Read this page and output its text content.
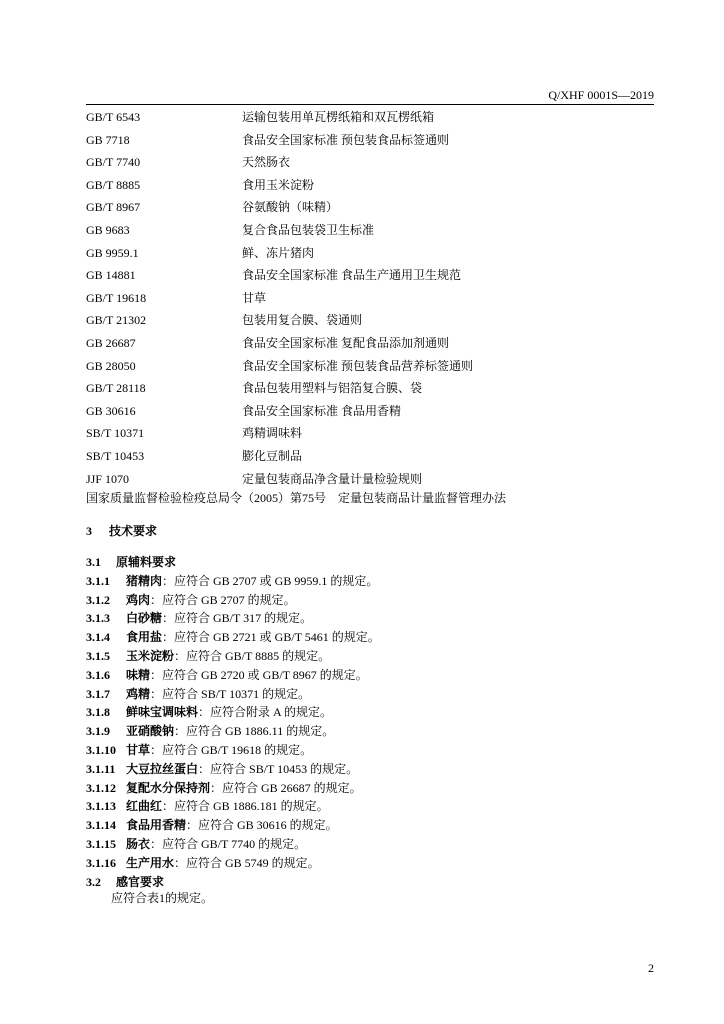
Q/XHF 0001S—2019
GB/T 6543	运输包装用单瓦楞纸箱和双瓦楞纸箱
GB 7718	食品安全国家标准 预包装食品标签通则
GB/T 7740	天然肠衣
GB/T 8885	食用玉米淀粉
GB/T 8967	谷氨酸钠（味精）
GB 9683	复合食品包装袋卫生标准
GB 9959.1	鲜、冻片猪肉
GB 14881	食品安全国家标准 食品生产通用卫生规范
GB/T 19618	甘草
GB/T 21302	包装用复合膜、袋通则
GB 26687	食品安全国家标准 复配食品添加剂通则
GB 28050	食品安全国家标准 预包装食品营养标签通则
GB/T 28118	食品包装用塑料与铝箔复合膜、袋
GB 30616	食品安全国家标准 食品用香精
SB/T 10371	鸡精调味料
SB/T 10453	膨化豆制品
JJF 1070	定量包装商品净含量计量检验规则
国家质量监督检验检疫总局令（2005）第75号　定量包装商品计量监督管理办法
3 技术要求
3.1 原辅料要求
3.1.1 猪精肉：应符合 GB 2707 或 GB 9959.1 的规定。
3.1.2 鸡肉：应符合 GB 2707 的规定。
3.1.3 白砂糖：应符合 GB/T 317 的规定。
3.1.4 食用盐：应符合 GB 2721 或 GB/T 5461 的规定。
3.1.5 玉米淀粉：应符合 GB/T 8885 的规定。
3.1.6 味精：应符合 GB 2720 或 GB/T 8967 的规定。
3.1.7 鸡精：应符合 SB/T 10371 的规定。
3.1.8 鲜味宝调味料：应符合附录 A 的规定。
3.1.9 亚硝酸钠：应符合 GB 1886.11 的规定。
3.1.10 甘草：应符合 GB/T 19618 的规定。
3.1.11 大豆拉丝蛋白：应符合 SB/T 10453 的规定。
3.1.12 复配水分保持剂：应符合 GB 26687 的规定。
3.1.13 红曲红：应符合 GB 1886.181 的规定。
3.1.14 食品用香精：应符合 GB 30616 的规定。
3.1.15 肠衣：应符合 GB/T 7740 的规定。
3.1.16 生产用水：应符合 GB 5749 的规定。
3.2 感官要求
应符合表1的规定。
2
